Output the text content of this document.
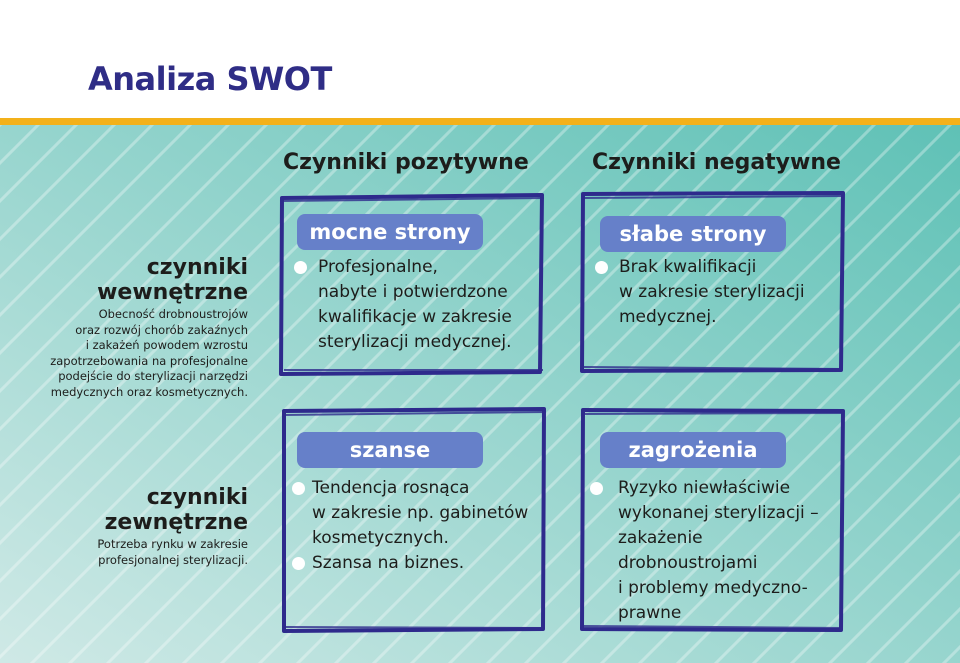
Analiza SWOT
Czynniki pozytywne	Czynniki negatywne
czynniki
wewnętrzne
Obecność drobnoustrojów
oraz rozwój chorób zakaźnych
i zakażeń powodem wzrostu
zapotrzebowania na profesjonalne
podejście do sterylizacji narzędzi
medycznych oraz kosmetycznych.
czynniki
zewnętrzne
Potrzeba rynku w zakresie
profesjonalnej sterylizacji.
mocne strony
Profesjonalne,
nabyte i potwierdzone
kwalifikacje w zakresie
sterylizacji medycznej.
słabe strony
Brak kwalifikacji
w zakresie sterylizacji
medycznej.
szanse
Tendencja rosnąca
w zakresie np. gabinetów
kosmetycznych.
Szansa na biznes.
zagrożenia
Ryzyko niewłaściwie
wykonanej sterylizacji –
zakażenie
drobnoustrojami
i problemy medyczno-
prawne
